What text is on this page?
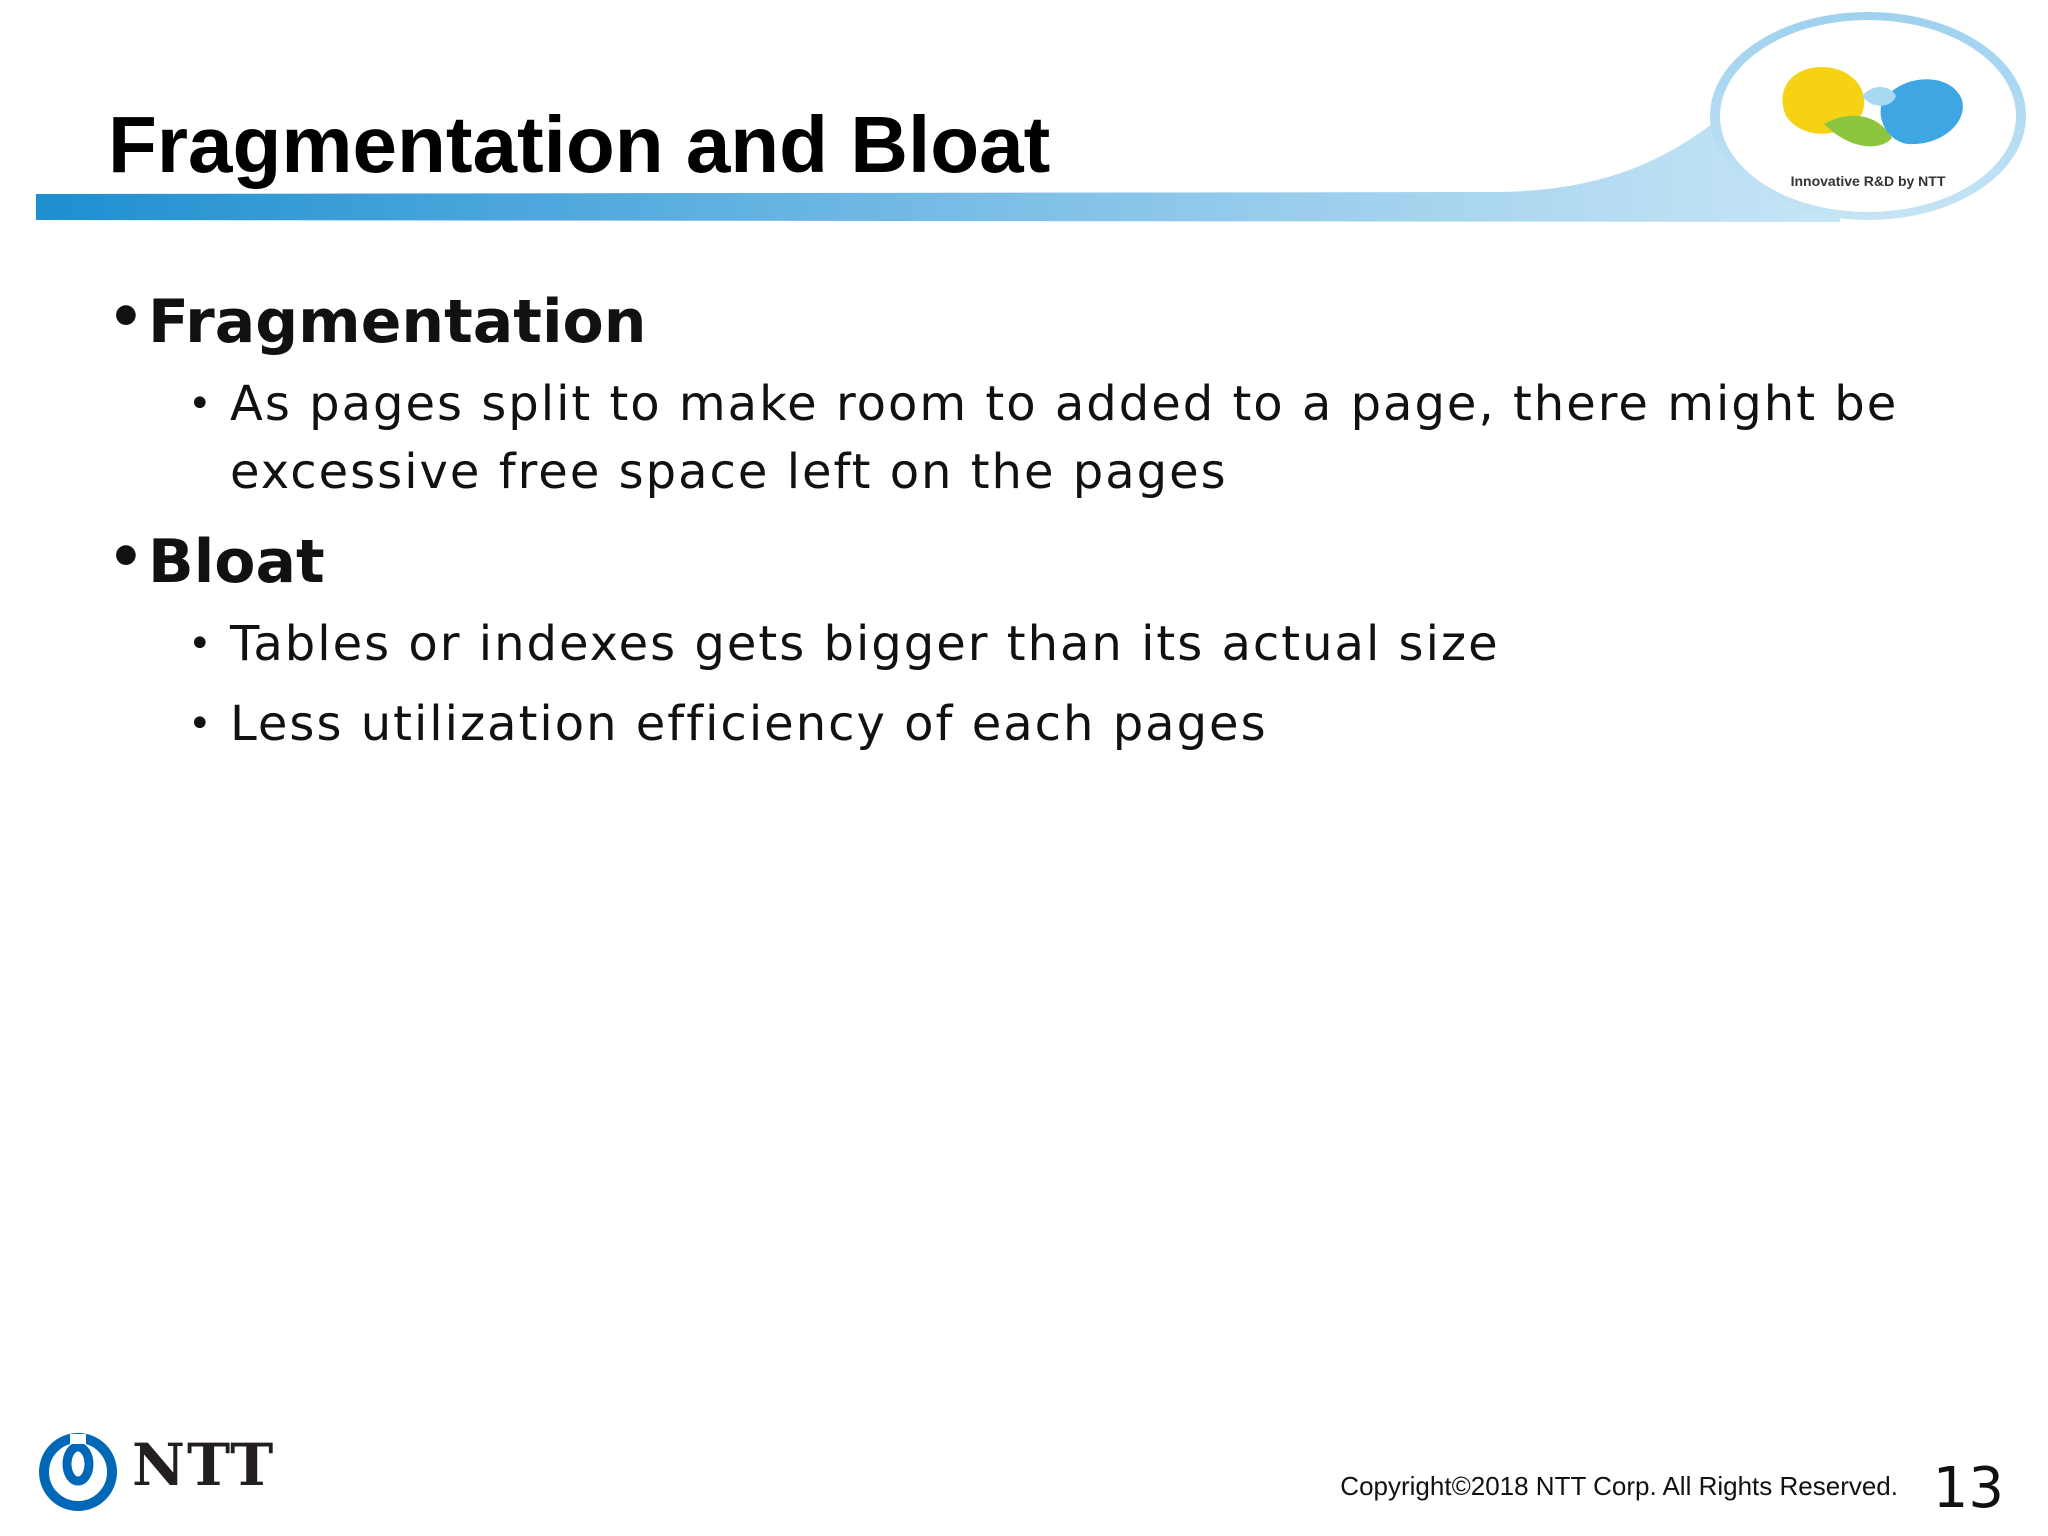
Fragmentation and Bloat	Innovative R&D by NTT

• Fragmentation

• As pages split to make room to added to a page, there might be excessive free space left on the pages

• Bloat

• Tables or indexes gets bigger than its actual size
• Less utilization efficiency of each pages
NTT	Copyright©2018 NTT Corp. All Rights Reserved. 13
